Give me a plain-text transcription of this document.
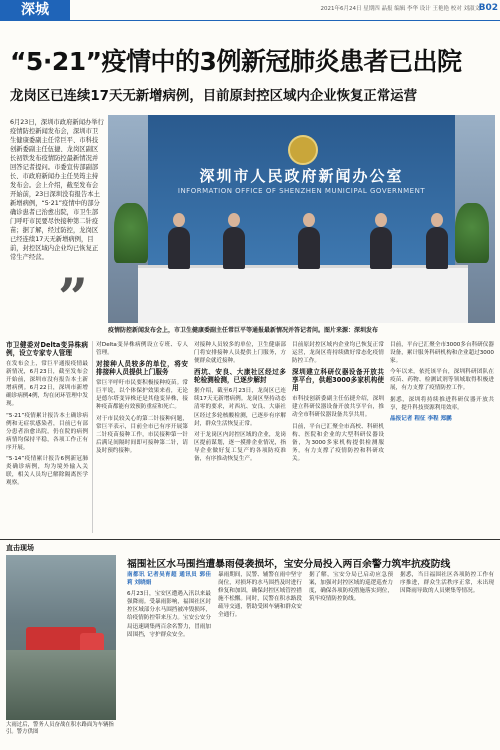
深城	2021年6月24日 星期四 晶报 编辑 李华 设计 王艳艳 校对 刘淑文
B02
“5·21”疫情中的3例新冠肺炎患者已出院
龙岗区已连续17天无新增病例，目前原封控区域内企业恢复正常运营
6月23日，深圳市政府新闻办举行疫情防控新闻发布会，深圳市卫生健康委副主任常巨平、市科技创新委副主任伍捷、龙岗区副区长初铁发布疫情防控最新情况并回答记者提问。市委宣传部副部长、市政府新闻办主任吴筠主持发布会。会上介绍，截至发布会开始前，23日深圳没有报告本土新增病例，“5·21”疫情中的部分确诊患者已治愈出院，市卫生部门呼吁市民要尽快接种第二针疫苗；据了解，经过防控，龙岗区已经连续17天无新增病例，目前，封控区域内企业均已恢复正常生产经营。
”
深圳市人民政府新闻办公室
INFORMATION OFFICE OF SHENZHEN MUNICIPAL GOVERNMENT
疫情防控新闻发布会上，市卫生健康委副主任常巨平等通报最新情况并答记者问。图片来源：深圳发布
市卫健委对Delta变异株病例，设立专家专人管理

在发布会上，常巨平通报疫情最新情况，6月23日，截至发布会开始前，深圳市没有报告本土新增病例。6月22日，深圳市新增确诊病例4例，均在闭环管理中发现。

“5·21”疫情累计报告本土确诊病例和无症状感染者，目前已有部分患者治愈出院，仍在院的病例病情均保持平稳，各项工作正有序开展。

“5·14”疫情累计报告6例新冠肺炎确诊病例，均为境外输入关联，相关人员均已解除隔离医学观察。

对Delta变异株病例设立专班、专人管理。

对接种人员较多的单位，将安排接种人员提供上门服务

常巨平呼吁市民要积极接种疫苗。常巨平说，以个体保护效果来看，无论是德尔塔变异株还是其他变异株，接种疫苗都能有效预防重症和死亡。

对于市民较关心的第二针接种问题，常巨平表示，目前全市已有序开展第二针疫苗接种工作，市民接种第一针后满足间隔时间即可接种第二针，请及时预约接种。

对接种人员较多的单位，卫生健康部门将安排接种人员提供上门服务，方便群众就近接种。

西坑、安良、大康社区经过多轮检测检测，已逐步解封

据介绍，截至6月23日，龙岗区已连续17天无新增病例。龙岗区坚持动态清零的要求，对西坑、安良、大康社区经过多轮核酸检测，已逐步有序解封，群众生活恢复正常。

对于龙岗区内封控区域的企业，龙岗区提前谋划，逐一摸排企业情况，指导企业做好复工复产的各项防疫准备，有序推动恢复生产。

目前原封控区域内企业均已恢复正常运营，龙岗区将持续做好常态化疫情防控工作。

深圳建立科研仪器设备开放共享平台，供超3000多家机构使用

市科技创新委副主任伍捷介绍，深圳建立科研仪器设备开放共享平台，推动全市科研仪器设备共享共用。

目前，平台已汇聚全市高校、科研机构、医院和企业的大型科研仪器设备，为3000多家机构提供检测服务，有力支撑了疫情防控和科研攻关。

目前，平台已汇聚全市3000多台科研仪器设备，累计服务科研机构和企业超过3000家。

今年以来，依托该平台，深圳科研团队在疫苗、药物、检测试剂等领域取得积极进展，有力支撑了疫情防控工作。

据悉，深圳将持续推进科研仪器开放共享，提升科技资源利用效率。

晶报记者 程征 李程 郑鹏

直击现场
大雨过后，警务人员奋战在积水路面为车辆指引。警方供图
福围社区水马围挡遭暴雨侵袭损坏，宝安分局投入两百余警力筑牢抗疫防线

南都讯 记者吴育超 通讯员 郭佳莉 刘晓娟

6月23日，宝安区遭遇入汛以来最强降雨。受暴雨影响，福围社区封控区域部分水马围挡被冲毁损坏，给疫情防控带来压力。宝安公安分局迅速调集两百余名警力，冒雨加固围挡，守护群众安全。

暴雨期间，民警、辅警在雨中坚守岗位，对损坏的水马围挡及时进行修复和加固，确保封控区域管控措施不松懈。同时，民警在积水路段疏导交通，帮助受困车辆和群众安全通行。

据了解，宝安分局已启动应急预案，加强对封控区域的巡逻巡查力度，确保各项防疫措施落实到位，筑牢疫情防控防线。

据悉，当日福围社区各项防控工作有序推进，群众生活秩序正常，未出现因降雨导致的人员聚集等情况。
